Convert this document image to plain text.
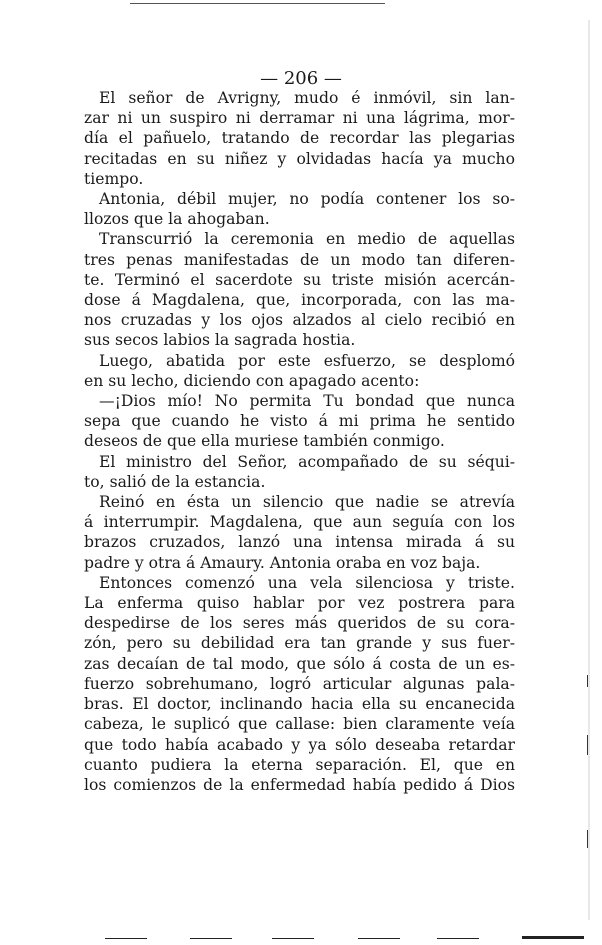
— 206 —
El señor de Avrigny, mudo é inmóvil, sin lan-
zar ni un suspiro ni derramar ni una lágrima, mor-
día el pañuelo, tratando de recordar las plegarias
recitadas en su niñez y olvidadas hacía ya mucho
tiempo.
Antonia, débil mujer, no podía contener los so-
llozos que la ahogaban.
Transcurrió la ceremonia en medio de aquellas
tres penas manifestadas de un modo tan diferen-
te. Terminó el sacerdote su triste misión acercán-
dose á Magdalena, que, incorporada, con las ma-
nos cruzadas y los ojos alzados al cielo recibió en
sus secos labios la sagrada hostia.
Luego, abatida por este esfuerzo, se desplomó
en su lecho, diciendo con apagado acento:
—¡Dios mío! No permita Tu bondad que nunca
sepa que cuando he visto á mi prima he sentido
deseos de que ella muriese también conmigo.
El ministro del Señor, acompañado de su séqui-
to, salió de la estancia.
Reinó en ésta un silencio que nadie se atrevía
á interrumpir. Magdalena, que aun seguía con los
brazos cruzados, lanzó una intensa mirada á su
padre y otra á Amaury. Antonia oraba en voz baja.
Entonces comenzó una vela silenciosa y triste.
La enferma quiso hablar por vez postrera para
despedirse de los seres más queridos de su cora-
zón, pero su debilidad era tan grande y sus fuer-
zas decaían de tal modo, que sólo á costa de un es-
fuerzo sobrehumano, logró articular algunas pala-
bras. El doctor, inclinando hacia ella su encanecida
cabeza, le suplicó que callase: bien claramente veía
que todo había acabado y ya sólo deseaba retardar
cuanto pudiera la eterna separación. El, que en
los comienzos de la enfermedad había pedido á Dios
